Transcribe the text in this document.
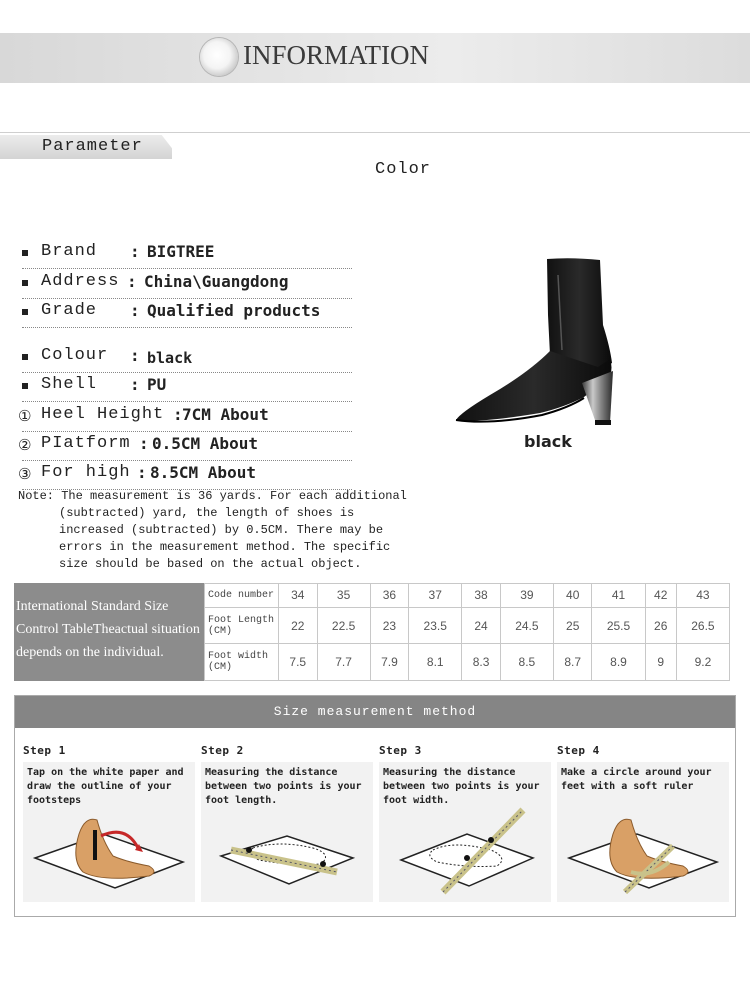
INFORMATION
Parameter
Color
Brand : BIGTREE
Address : China\Guangdong
Grade : Qualified products
Colour : black
Shell : PU
① Heel Height : 7CM About
② PIatform : 0.5CM About
③ For high : 8.5CM About
Note: The measurement is 36 yards. For each additional
(subtracted) yard, the length of shoes is increased (subtracted) by 0.5CM. There may be errors in the measurement method. The specific size should be based on the actual object.
black
International Standard Size Control TableTheactual situation depends on the individual.
Code number	34	35	36	37	38	39	40	41	42	43
Foot Length (CM)	22	22.5	23	23.5	24	24.5	25	25.5	26	26.5
Foot width (CM)	7.5	7.7	7.9	8.1	8.3	8.5	8.7	8.9	9	9.2
Size measurement method
Step 1
Tap on the white paper and draw the outline of your footsteps
Step 2
Measuring the distance between two points is your foot length.
Step 3
Measuring the distance between two points is your foot width.
Step 4
Make a circle around your feet with a soft ruler
